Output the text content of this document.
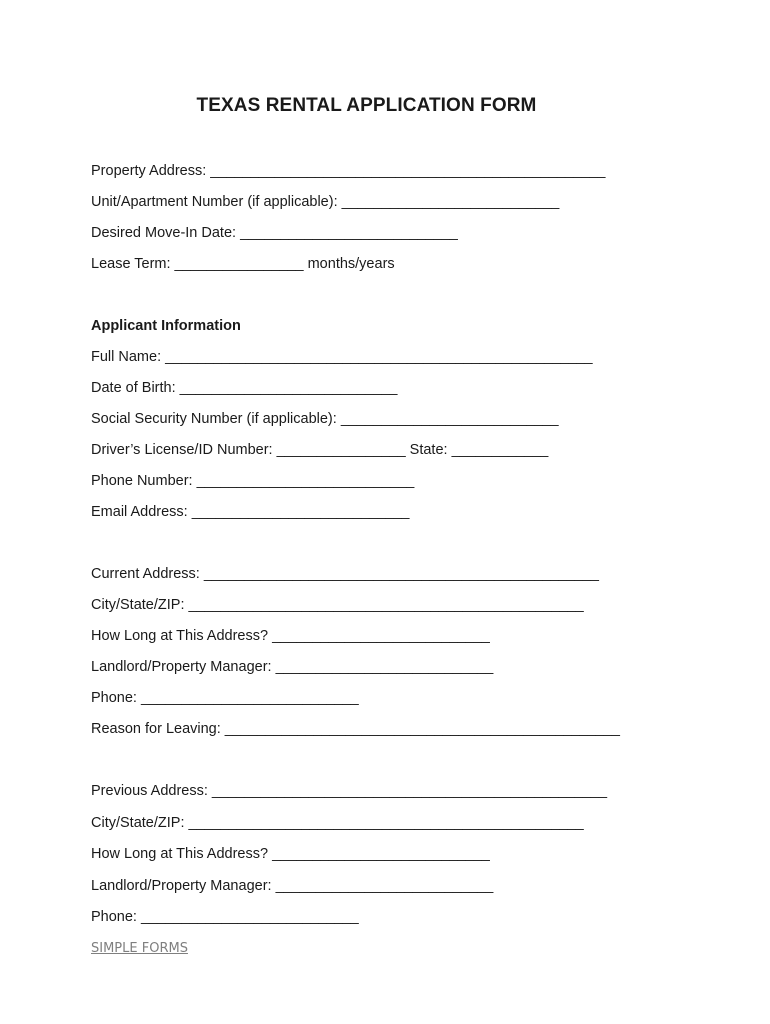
TEXAS RENTAL APPLICATION FORM
Property Address: _________________________________________________
Unit/Apartment Number (if applicable): ___________________________
Desired Move-In Date: ___________________________
Lease Term: ________________ months/years
Applicant Information
Full Name: _____________________________________________________
Date of Birth: ___________________________
Social Security Number (if applicable): ___________________________
Driver’s License/ID Number: ________________ State: ____________
Phone Number: ___________________________
Email Address: ___________________________
Current Address: _________________________________________________
City/State/ZIP: _________________________________________________
How Long at This Address? ___________________________
Landlord/Property Manager: ___________________________
Phone: ___________________________
Reason for Leaving: _________________________________________________
Previous Address: _________________________________________________
City/State/ZIP: _________________________________________________
How Long at This Address? ___________________________
Landlord/Property Manager: ___________________________
Phone: ___________________________
SIMPLE FORMS
